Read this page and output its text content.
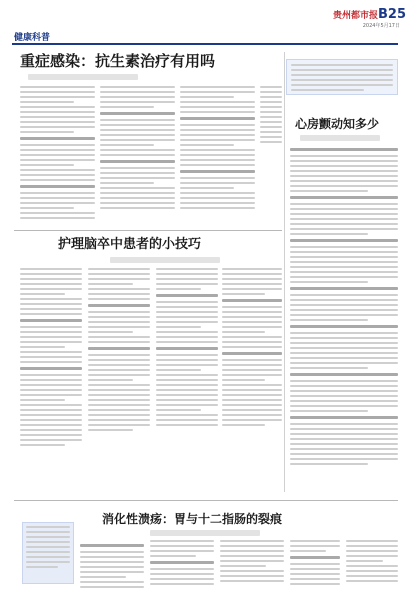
B25
贵州都市报
2024年5月17日
健康科普
重症感染：抗生素治疗有用吗
心房颤动知多少
护理脑卒中患者的小技巧
消化性溃疡：胃与十二指肠的裂痕
